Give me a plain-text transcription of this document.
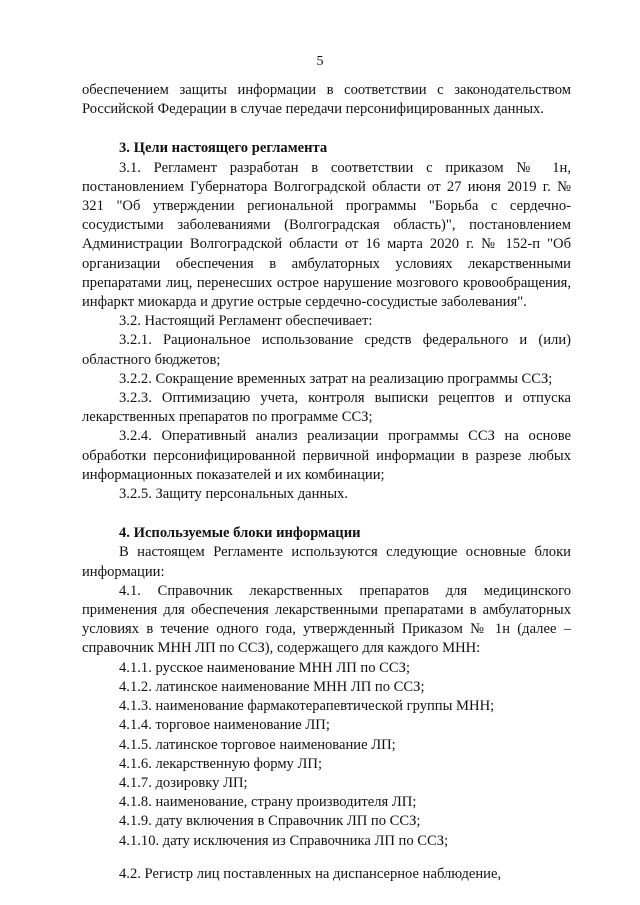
5

обеспечением защиты информации в соответствии с законодательством Российской Федерации в случае передачи персонифицированных данных.

3. Цели настоящего регламента

3.1. Регламент разработан в соответствии с приказом № 1н, постановлением Губернатора Волгоградской области от 27 июня 2019 г. № 321 "Об утверждении региональной программы "Борьба с сердечно-сосудистыми заболеваниями (Волгоградская область)", постановлением Администрации Волгоградской области от 16 марта 2020 г. № 152-п "Об организации обеспечения в амбулаторных условиях лекарственными препаратами лиц, перенесших острое нарушение мозгового кровообращения, инфаркт миокарда и другие острые сердечно-сосудистые заболевания".

3.2. Настоящий Регламент обеспечивает:

3.2.1. Рациональное использование средств федерального и (или) областного бюджетов;

3.2.2. Сокращение временных затрат на реализацию программы ССЗ;

3.2.3. Оптимизацию учета, контроля выписки рецептов и отпуска лекарственных препаратов по программе ССЗ;

3.2.4. Оперативный анализ реализации программы ССЗ на основе обработки персонифицированной первичной информации в разрезе любых информационных показателей и их комбинации;

3.2.5. Защиту персональных данных.

4. Используемые блоки информации

В настоящем Регламенте используются следующие основные блоки информации:

4.1. Справочник лекарственных препаратов для медицинского применения для обеспечения лекарственными препаратами в амбулаторных условиях в течение одного года, утвержденный Приказом № 1н (далее – справочник МНН ЛП по ССЗ), содержащего для каждого МНН:

4.1.1. русское наименование МНН ЛП по ССЗ;

4.1.2. латинское наименование МНН ЛП по ССЗ;

4.1.3. наименование фармакотерапевтической группы МНН;

4.1.4. торговое наименование ЛП;

4.1.5. латинское торговое наименование ЛП;

4.1.6. лекарственную форму ЛП;

4.1.7. дозировку ЛП;

4.1.8. наименование, страну производителя ЛП;

4.1.9. дату включения в Справочник ЛП по ССЗ;

4.1.10. дату исключения из Справочника ЛП по ССЗ;

4.2. Регистр лиц поставленных на диспансерное наблюдение,
